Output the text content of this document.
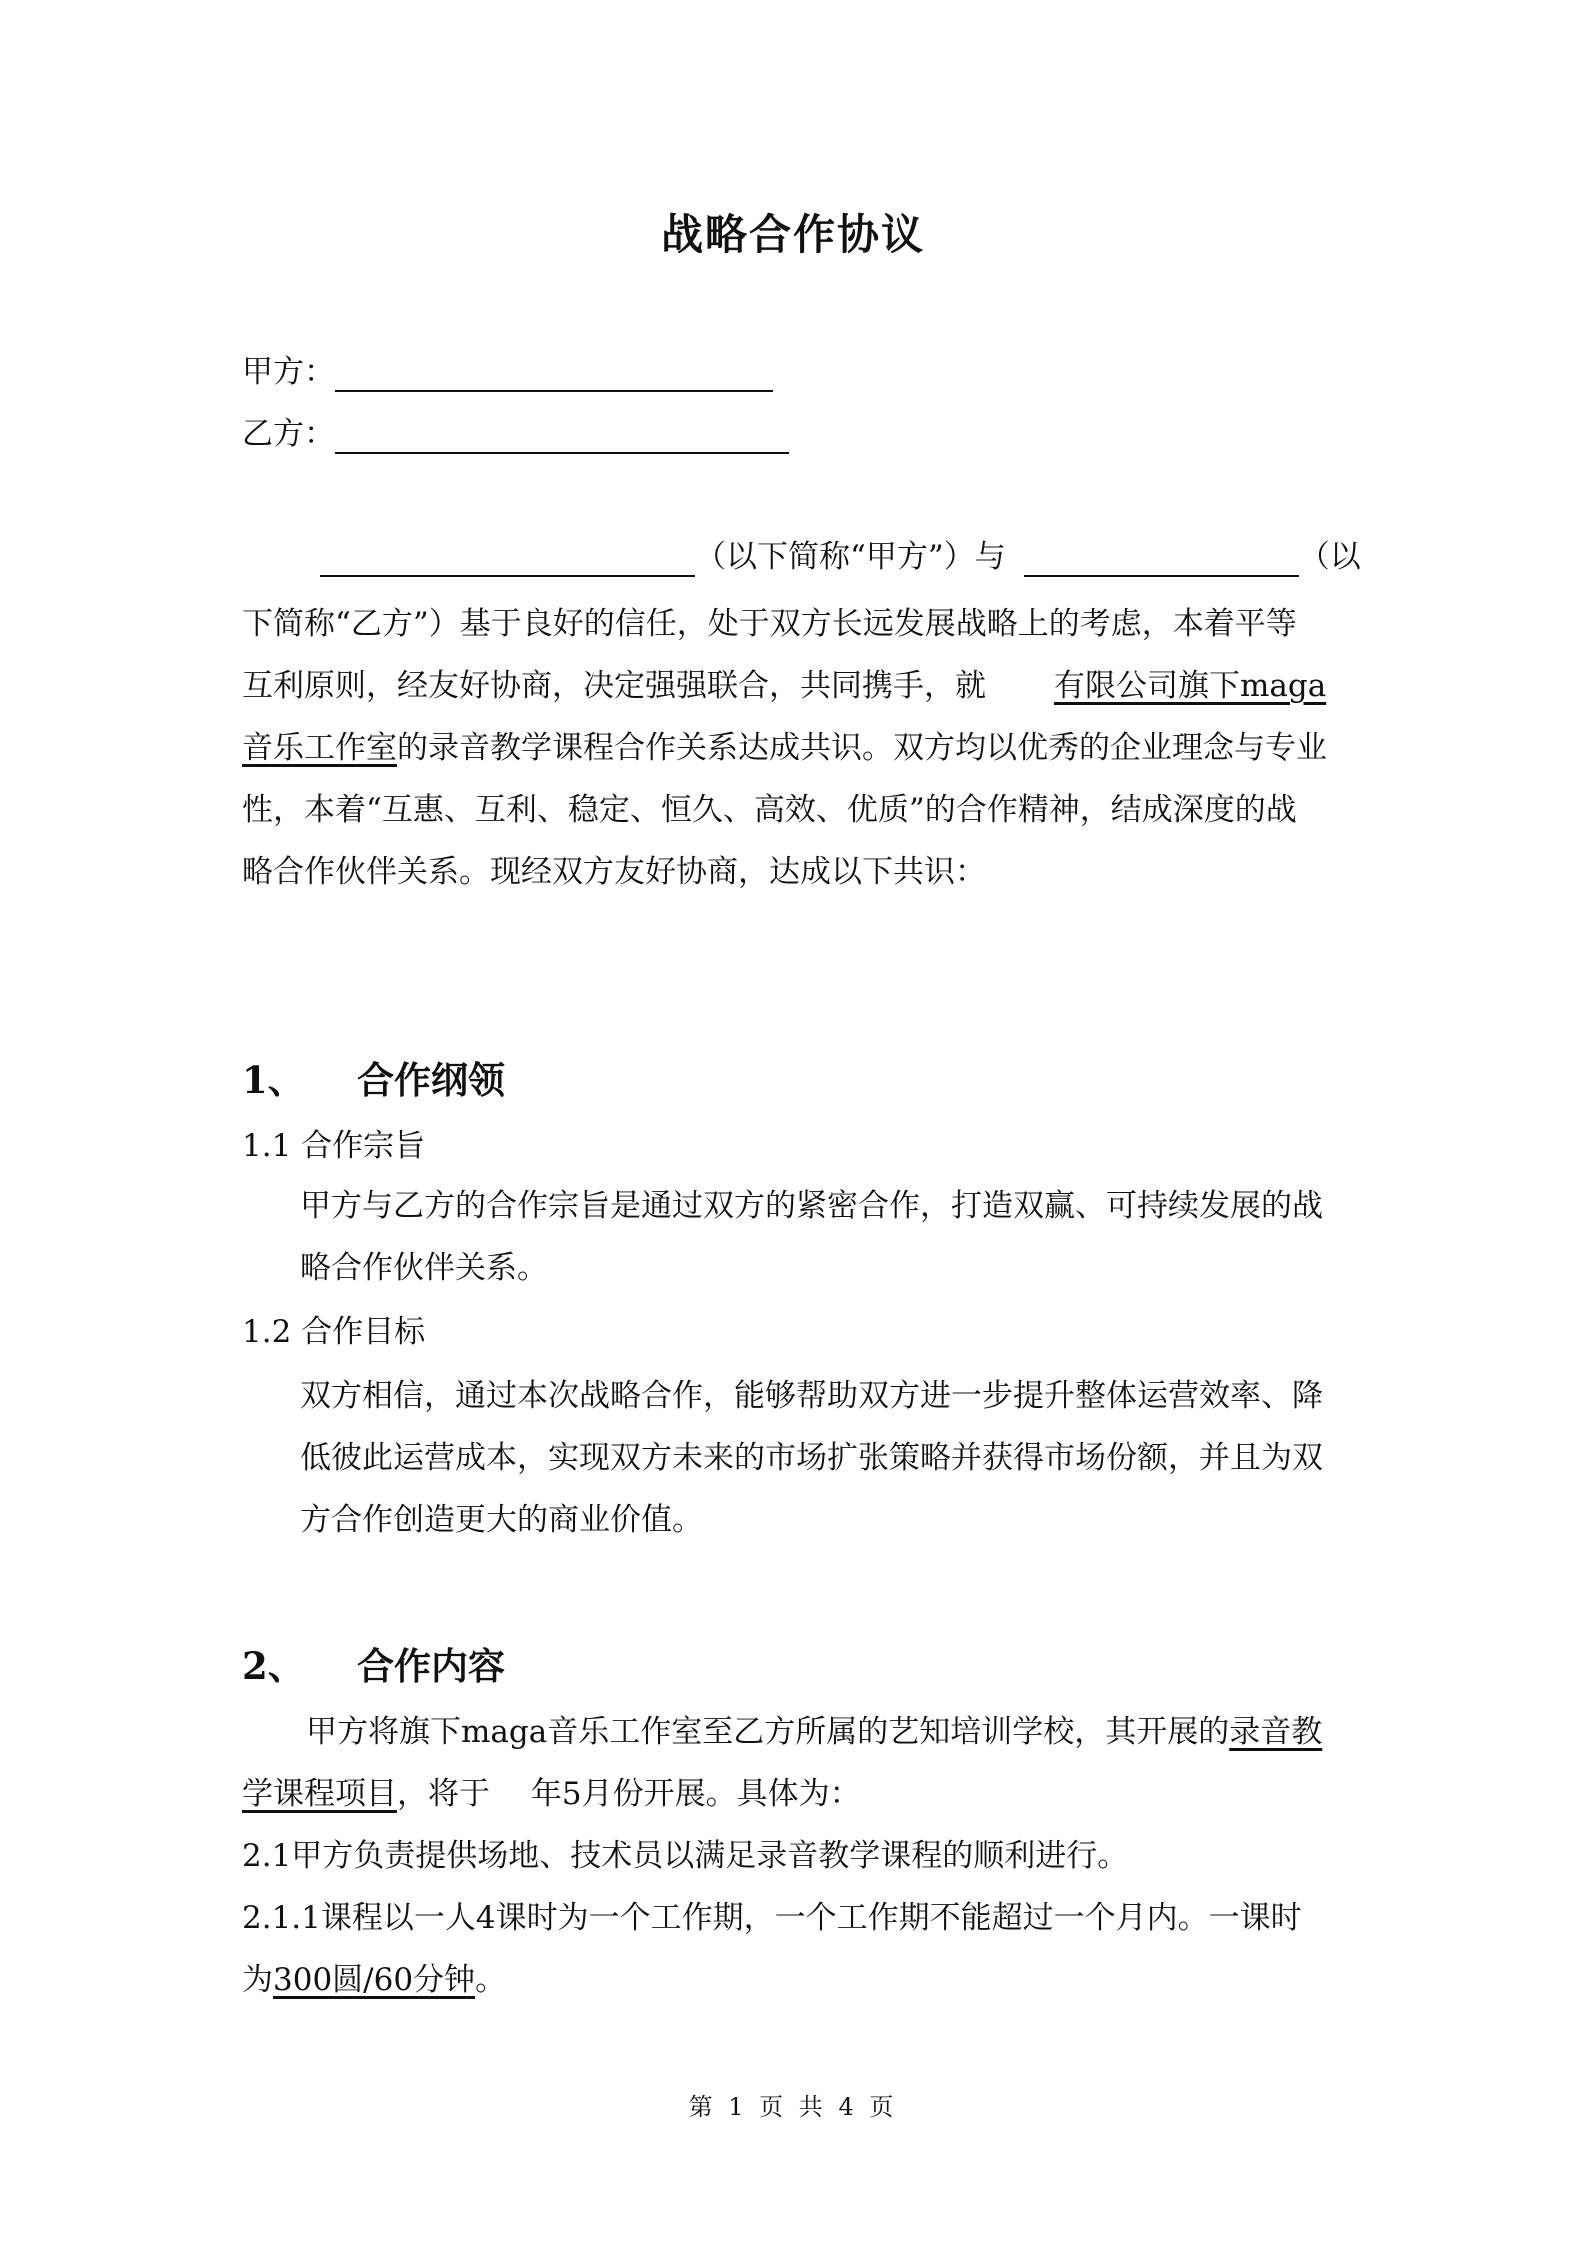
战略合作协议
甲方：
乙方：
（以下简称“甲方”）与	（以
下简称“乙方”）基于良好的信任，处于双方长远发展战略上的考虑，本着平等
互利原则，经友好协商，决定强强联合，共同携手，就 有限公司旗下maga
音乐工作室的录音教学课程合作关系达成共识。双方均以优秀的企业理念与专业
性，本着“互惠、互利、稳定、恒久、高效、优质”的合作精神，结成深度的战
略合作伙伴关系。现经双方友好协商，达成以下共识：
1、 合作纲领
1.1 合作宗旨
甲方与乙方的合作宗旨是通过双方的紧密合作，打造双赢、可持续发展的战
略合作伙伴关系。
1.2 合作目标
双方相信，通过本次战略合作，能够帮助双方进一步提升整体运营效率、降
低彼此运营成本，实现双方未来的市场扩张策略并获得市场份额，并且为双
方合作创造更大的商业价值。
2、 合作内容
甲方将旗下maga音乐工作室至乙方所属的艺知培训学校，其开展的录音教
学课程项目，将于　 年5月份开展。具体为：
2.1甲方负责提供场地、技术员以满足录音教学课程的顺利进行。
2.1.1课程以一人4课时为一个工作期，一个工作期不能超过一个月内。一课时
为300圆/60分钟。
第 1 页 共 4 页
